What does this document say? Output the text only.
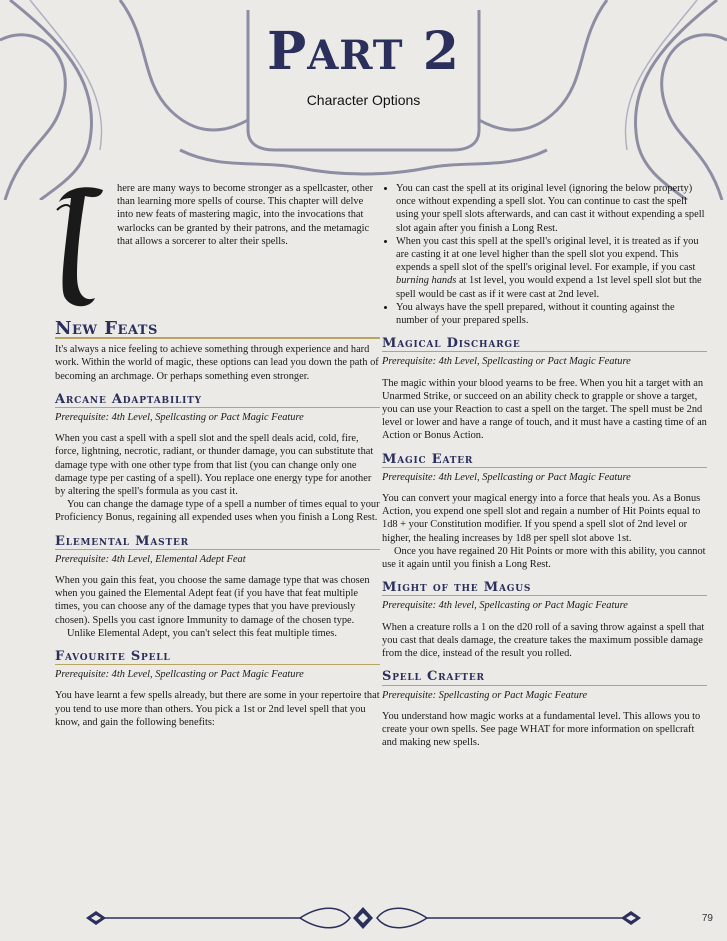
PART 2
Character Options

here are many ways to become stronger as a spellcaster, other than learning more spells of course. This chapter will delve into new feats of mastering magic, into the invocations that warlocks can be granted by their patrons, and the metamagic that allows a sorcerer to alter their spells.

New Feats

It's always a nice feeling to achieve something through experience and hard work. Within the world of magic, these options can lead you down the path of becoming an archmage. Or perhaps something even stronger.

Arcane Adaptability

Prerequisite: 4th Level, Spellcasting or Pact Magic Feature

When you cast a spell with a spell slot and the spell deals acid, cold, fire, force, lightning, necrotic, radiant, or thunder damage, you can substitute that damage type with one other type from that list (you can change only one damage type per casting of a spell). You replace one energy type for another by altering the spell's formula as you cast it.

You can change the damage type of a spell a number of times equal to your Proficiency Bonus, regaining all expended uses when you finish a Long Rest.

Elemental Master

Prerequisite: 4th Level, Elemental Adept Feat

When you gain this feat, you choose the same damage type that was chosen when you gained the Elemental Adept feat (if you have that feat multiple times, you can choose any of the damage types that you have previously chosen). Spells you cast ignore Immunity to damage of the chosen type.

Unlike Elemental Adept, you can't select this feat multiple times.

Favourite Spell

Prerequisite: 4th Level, Spellcasting or Pact Magic Feature

You have learnt a few spells already, but there are some in your repertoire that you tend to use more than others. You pick a 1st or 2nd level spell that you know, and gain the following benefits:

• You can cast the spell at its original level (ignoring the below property) once without expending a spell slot. You can continue to cast the spell using your spell slots afterwards, and can cast it without expending a spell slot again after you finish a Long Rest.
• When you cast this spell at the spell's original level, it is treated as if you are casting it at one level higher than the spell slot you expend. This expends a spell slot of the spell's original level. For example, if you cast burning hands at 1st level, you would expend a 1st level spell slot but the spell would be cast as if it were cast at 2nd level.
• You always have the spell prepared, without it counting against the number of your prepared spells.
Magical Discharge

Prerequisite: 4th Level, Spellcasting or Pact Magic Feature

The magic within your blood yearns to be free. When you hit a target with an Unarmed Strike, or succeed on an ability check to grapple or shove a target, you can use your Reaction to cast a spell on the target. The spell must be 2nd level or lower and have a range of touch, and it must have a casting time of an Action or Bonus Action.

Magic Eater

Prerequisite: 4th Level, Spellcasting or Pact Magic Feature

You can convert your magical energy into a force that heals you. As a Bonus Action, you expend one spell slot and regain a number of Hit Points equal to 1d8 + your Constitution modifier. If you spend a spell slot of 2nd level or higher, the healing increases by 1d8 per spell slot above 1st.

Once you have regained 20 Hit Points or more with this ability, you cannot use it again until you finish a Long Rest.

Might of the Magus

Prerequisite: 4th level, Spellcasting or Pact Magic Feature

When a creature rolls a 1 on the d20 roll of a saving throw against a spell that you cast that deals damage, the creature takes the maximum possible damage from the dice, instead of the result you rolled.

Spell Crafter

Prerequisite: Spellcasting or Pact Magic Feature

You understand how magic works at a fundamental level. This allows you to create your own spells. See page WHAT for more information on spellcraft and making new spells.

79
